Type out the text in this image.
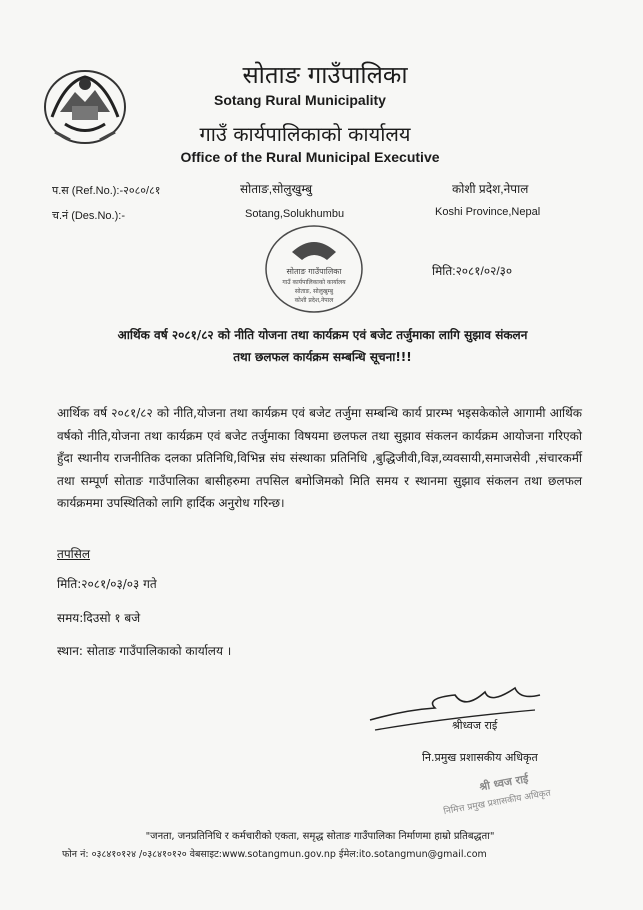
सोताङ गाउँपालिका
Sotang Rural Municipality
गाउँ कार्यपालिकाको कार्यालय
Office of the Rural Municipal Executive
प.स (Ref.No.):-२०८०/८१
च.नं (Des.No.):-
सोताङ,सोलुखुम्बु
Sotang,Solukhumbu
कोशी प्रदेश,नेपाल
Koshi Province,Nepal
मिति:२०८१/०२/३०
सोताङ गाउँपालिका
गाउँ कार्यपालिकाको कार्यालय
सोताङ, सोलुखुम्बु
कोशी प्रदेश,नेपाल
आर्थिक वर्ष २०८१/८२ को नीति योजना तथा कार्यक्रम एवं बजेट तर्जुमाका लागि सुझाव संकलन
तथा छलफल कार्यक्रम सम्बन्धि सूचना!!!
आर्थिक वर्ष २०८१/८२ को नीति,योजना तथा कार्यक्रम एवं बजेट तर्जुमा सम्बन्धि कार्य प्रारम्भ भइसकेकोले आगामी आर्थिक वर्षको नीति,योजना तथा कार्यक्रम एवं बजेट तर्जुमाका विषयमा छलफल तथा सुझाव संकलन कार्यक्रम आयोजना गरिएको हुँदा स्थानीय राजनीतिक दलका प्रतिनिधि,विभिन्न संघ संस्थाका प्रतिनिधि ,बुद्धिजीवी,विज्ञ,व्यवसायी,समाजसेवी ,संचारकर्मी तथा सम्पूर्ण सोताङ गाउँपालिका बासीहरुमा तपसिल बमोजिमको मिति समय र स्थानमा सुझाव संकलन तथा छलफल कार्यक्रममा उपस्थितिको लागि हार्दिक अनुरोध गरिन्छ।
तपसिल
मिति:२०८१/०३/०३ गते
समय:दिउसो १ बजे
स्थान: सोताङ गाउँपालिकाको कार्यालय ।
श्रीध्वज राई
नि.प्रमुख प्रशासकीय अधिकृत
श्री ध्वज राई
निमित्त प्रमुख प्रशासकीय अधिकृत
"जनता, जनप्रतिनिधि र कर्मचारीको एकता, समृद्ध सोताङ गाउँपालिका निर्माणमा हाम्रो प्रतिबद्धता"
फोन नं: ०३८४१०१२४ /०३८४१०१२० वेबसाइट:www.sotangmun.gov.np ईमेल:ito.sotangmun@gmail.com
